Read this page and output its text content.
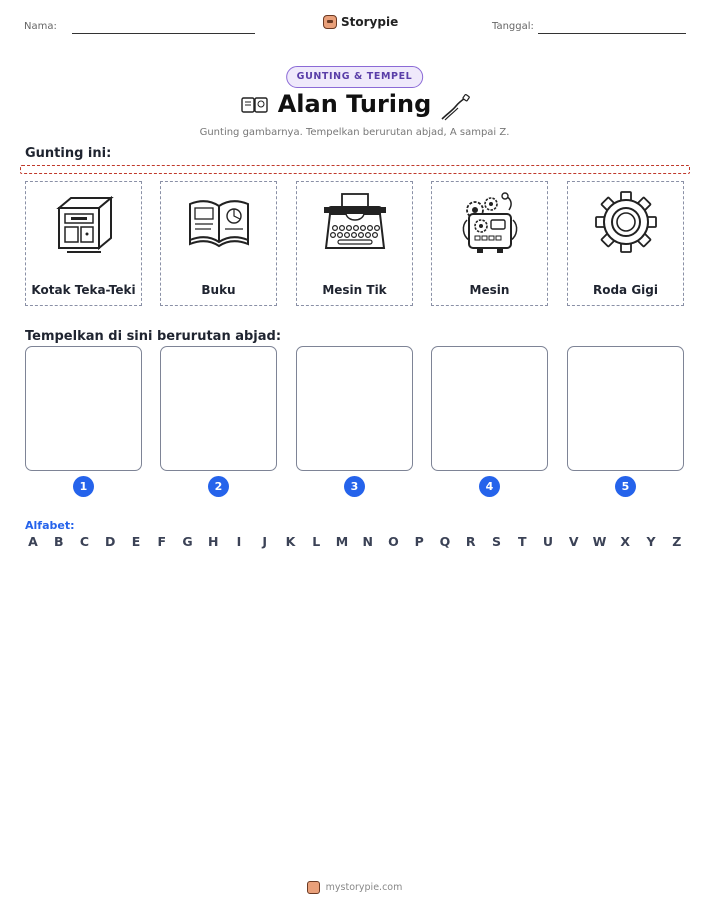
Nama:	Storypie	Tanggal:
GUNTING & TEMPEL
Alan Turing
Gunting gambarnya. Tempelkan berurutan abjad, A sampai Z.
Gunting ini:
Kotak Teka-Teki	Buku	Mesin Tik	Mesin	Roda Gigi
Tempelkan di sini berurutan abjad:
1	2	3	4	5
Alfabet:
A B C D E F G H	I	J	K L M N O P Q R S T U V W X Y Z
mystorypie.com
